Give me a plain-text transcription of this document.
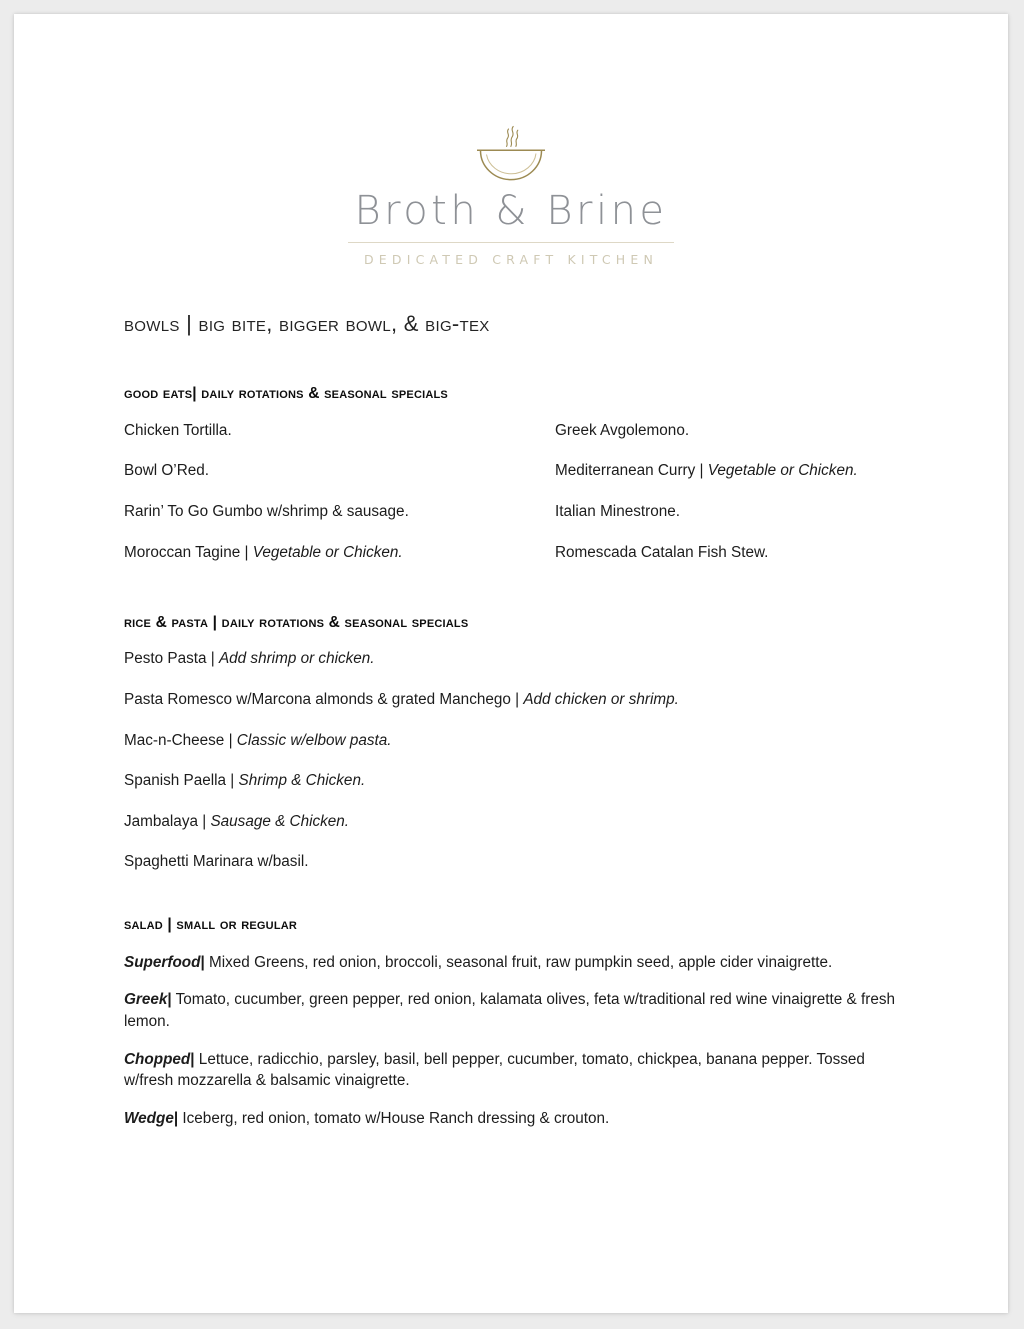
Broth & Brine
DEDICATED CRAFT KITCHEN
bowls | big bite, bigger bowl, & big-tex
good eats| daily rotations & seasonal specials

Chicken Tortilla.

Bowl O’Red.

Rarin’ To Go Gumbo w/shrimp & sausage.

Moroccan Tagine | Vegetable or Chicken.

Greek Avgolemono.

Mediterranean Curry | Vegetable or Chicken.

Italian Minestrone.

Romescada Catalan Fish Stew.

rice & pasta | daily rotations & seasonal specials

Pesto Pasta | Add shrimp or chicken.

Pasta Romesco w/Marcona almonds & grated Manchego | Add chicken or shrimp.

Mac-n-Cheese | Classic w/elbow pasta.

Spanish Paella | Shrimp & Chicken.

Jambalaya | Sausage & Chicken.

Spaghetti Marinara w/basil.

salad | small or regular

Superfood| Mixed Greens, red onion, broccoli, seasonal fruit, raw pumpkin seed, apple cider vinaigrette.

Greek| Tomato, cucumber, green pepper, red onion, kalamata olives, feta w/traditional red wine vinaigrette & fresh lemon.

Chopped| Lettuce, radicchio, parsley, basil, bell pepper, cucumber, tomato, chickpea, banana pepper. Tossed w/fresh mozzarella & balsamic vinaigrette.

Wedge| Iceberg, red onion, tomato w/House Ranch dressing & crouton.
